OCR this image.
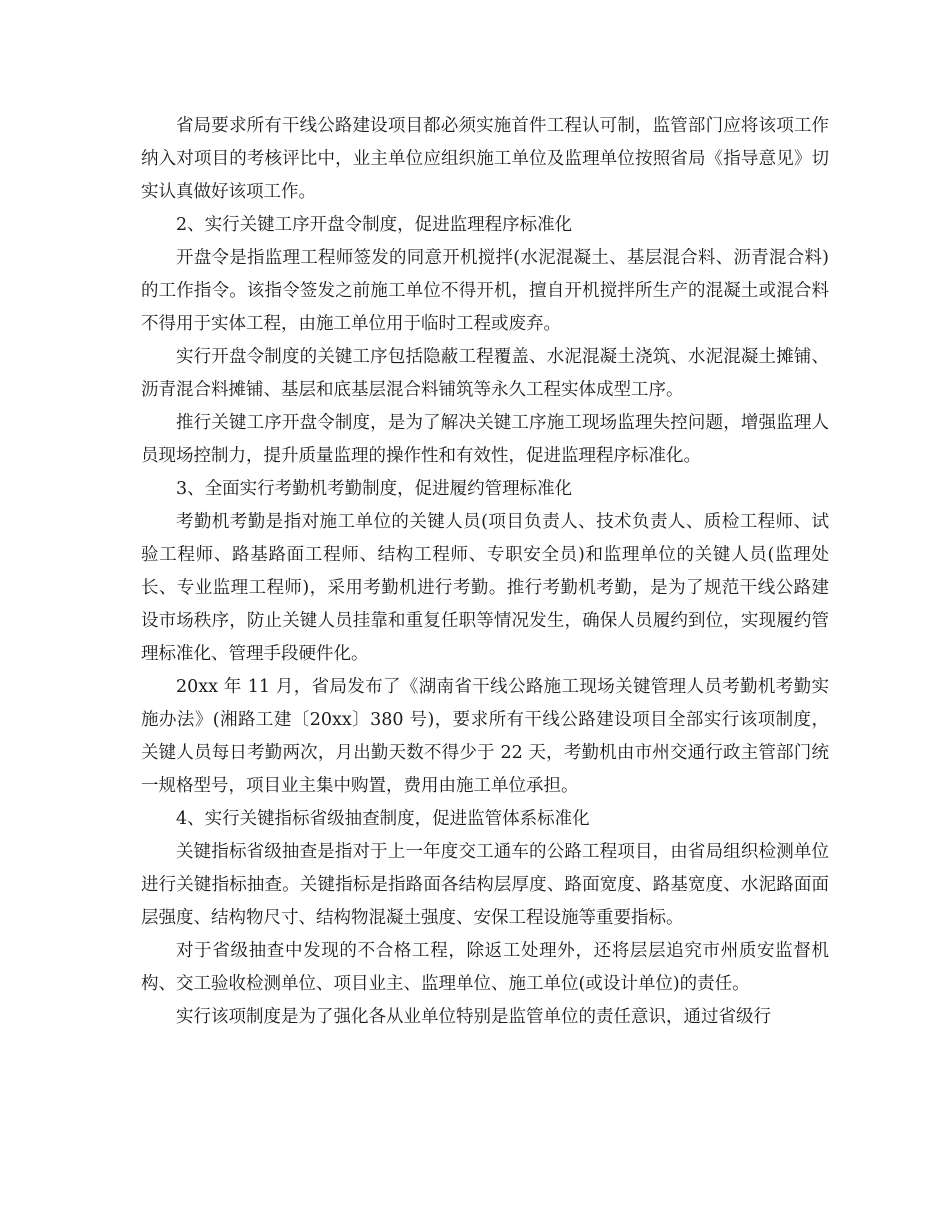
省局要求所有干线公路建设项目都必须实施首件工程认可制，监管部门应将该项工作纳入对项目的考核评比中，业主单位应组织施工单位及监理单位按照省局《指导意见》切实认真做好该项工作。

2、实行关键工序开盘令制度，促进监理程序标准化

开盘令是指监理工程师签发的同意开机搅拌(水泥混凝土、基层混合料、沥青混合料)的工作指令。该指令签发之前施工单位不得开机，擅自开机搅拌所生产的混凝土或混合料不得用于实体工程，由施工单位用于临时工程或废弃。

实行开盘令制度的关键工序包括隐蔽工程覆盖、水泥混凝土浇筑、水泥混凝土摊铺、沥青混合料摊铺、基层和底基层混合料铺筑等永久工程实体成型工序。

推行关键工序开盘令制度，是为了解决关键工序施工现场监理失控问题，增强监理人员现场控制力，提升质量监理的操作性和有效性，促进监理程序标准化。

3、全面实行考勤机考勤制度，促进履约管理标准化

考勤机考勤是指对施工单位的关键人员(项目负责人、技术负责人、质检工程师、试验工程师、路基路面工程师、结构工程师、专职安全员)和监理单位的关键人员(监理处长、专业监理工程师)，采用考勤机进行考勤。推行考勤机考勤，是为了规范干线公路建设市场秩序，防止关键人员挂靠和重复任职等情况发生，确保人员履约到位，实现履约管理标准化、管理手段硬件化。

20xx 年 11 月，省局发布了《湖南省干线公路施工现场关键管理人员考勤机考勤实施办法》(湘路工建〔20xx〕380 号)，要求所有干线公路建设项目全部实行该项制度，关键人员每日考勤两次，月出勤天数不得少于 22 天，考勤机由市州交通行政主管部门统一规格型号，项目业主集中购置，费用由施工单位承担。

4、实行关键指标省级抽查制度，促进监管体系标准化

关键指标省级抽查是指对于上一年度交工通车的公路工程项目，由省局组织检测单位进行关键指标抽查。关键指标是指路面各结构层厚度、路面宽度、路基宽度、水泥路面面层强度、结构物尺寸、结构物混凝土强度、安保工程设施等重要指标。

对于省级抽查中发现的不合格工程，除返工处理外，还将层层追究市州质安监督机构、交工验收检测单位、项目业主、监理单位、施工单位(或设计单位)的责任。

实行该项制度是为了强化各从业单位特别是监管单位的责任意识，通过省级行
